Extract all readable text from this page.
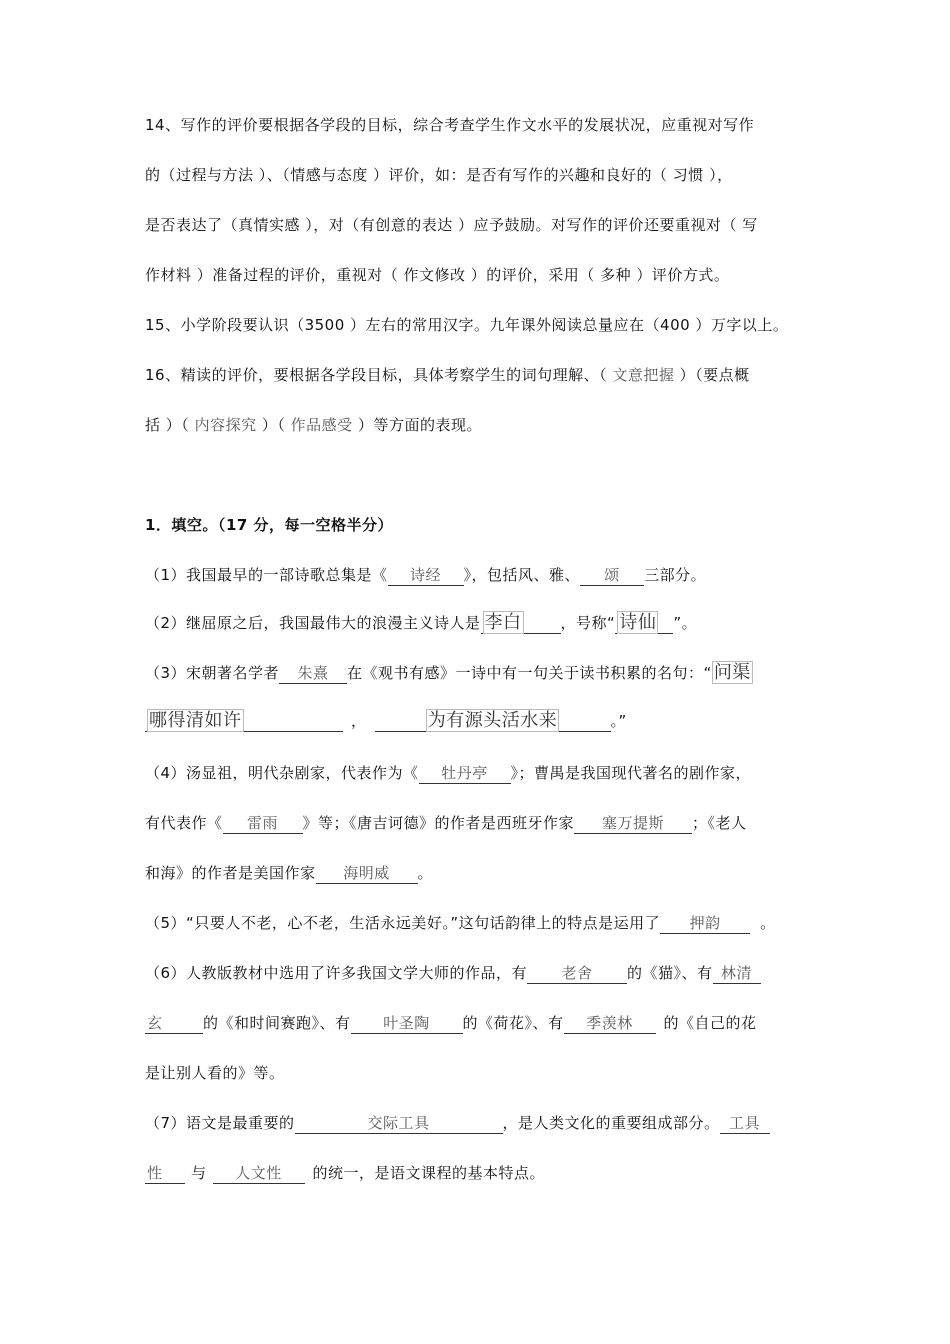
14、写作的评价要根据各学段的目标，综合考查学生作文水平的发展状况，应重视对写作
的（过程与方法 ）、（情感与态度 ）评价，如：是否有写作的兴趣和良好的（ 习惯 ），
是否表达了（真情实感 ），对（有创意的表达 ）应予鼓励。对写作的评价还要重视对（ 写
作材料 ）准备过程的评价，重视对（ 作文修改 ）的评价，采用（ 多种 ）评价方式。
15、小学阶段要认识（3500 ）左右的常用汉字。九年课外阅读总量应在（400 ）万字以上。
16、精读的评价，要根据各学段目标，具体考察学生的词句理解、（ 文意把握 ）（要点概
括 ）（ 内容探究 ）（ 作品感受 ）等方面的表现。
1．填空。（17 分，每一空格半分）
（1）我国最早的一部诗歌总集是《 诗经 》，包括风、雅、 颂 三部分。
（2）继屈原之后，我国最伟大的浪漫主义诗人是 李白	，号称“ 诗仙 ”。
（3）宋朝著名学者 朱熹 在《观书有感》一诗中有一句关于读书积累的名句：“ 问渠
哪得清如许	，	为有源头活水来	。”
（4）汤显祖，明代杂剧家，代表作为《 牡丹亭 》；曹禺是我国现代著名的剧作家，
有代表作《 雷雨 》等；《唐吉诃德》的作者是西班牙作家 塞万提斯 ；《老人
和海》的作者是美国作家 海明威 。
（5）“只要人不老，心不老，生活永远美好。”这句话韵律上的特点是运用了 押韵	。
（6）人教版教材中选用了许多我国文学大师的作品，有 老舍 的《猫》、有 林清
玄	的《和时间赛跑》、有 叶圣陶 的《荷花》、有 季羡林 的《自己的花
是让别人看的》等。
（7）语文是最重要的	交际工具	，是人类文化的重要组成部分。 工具
性 与 人文性 的统一，是语文课程的基本特点。
